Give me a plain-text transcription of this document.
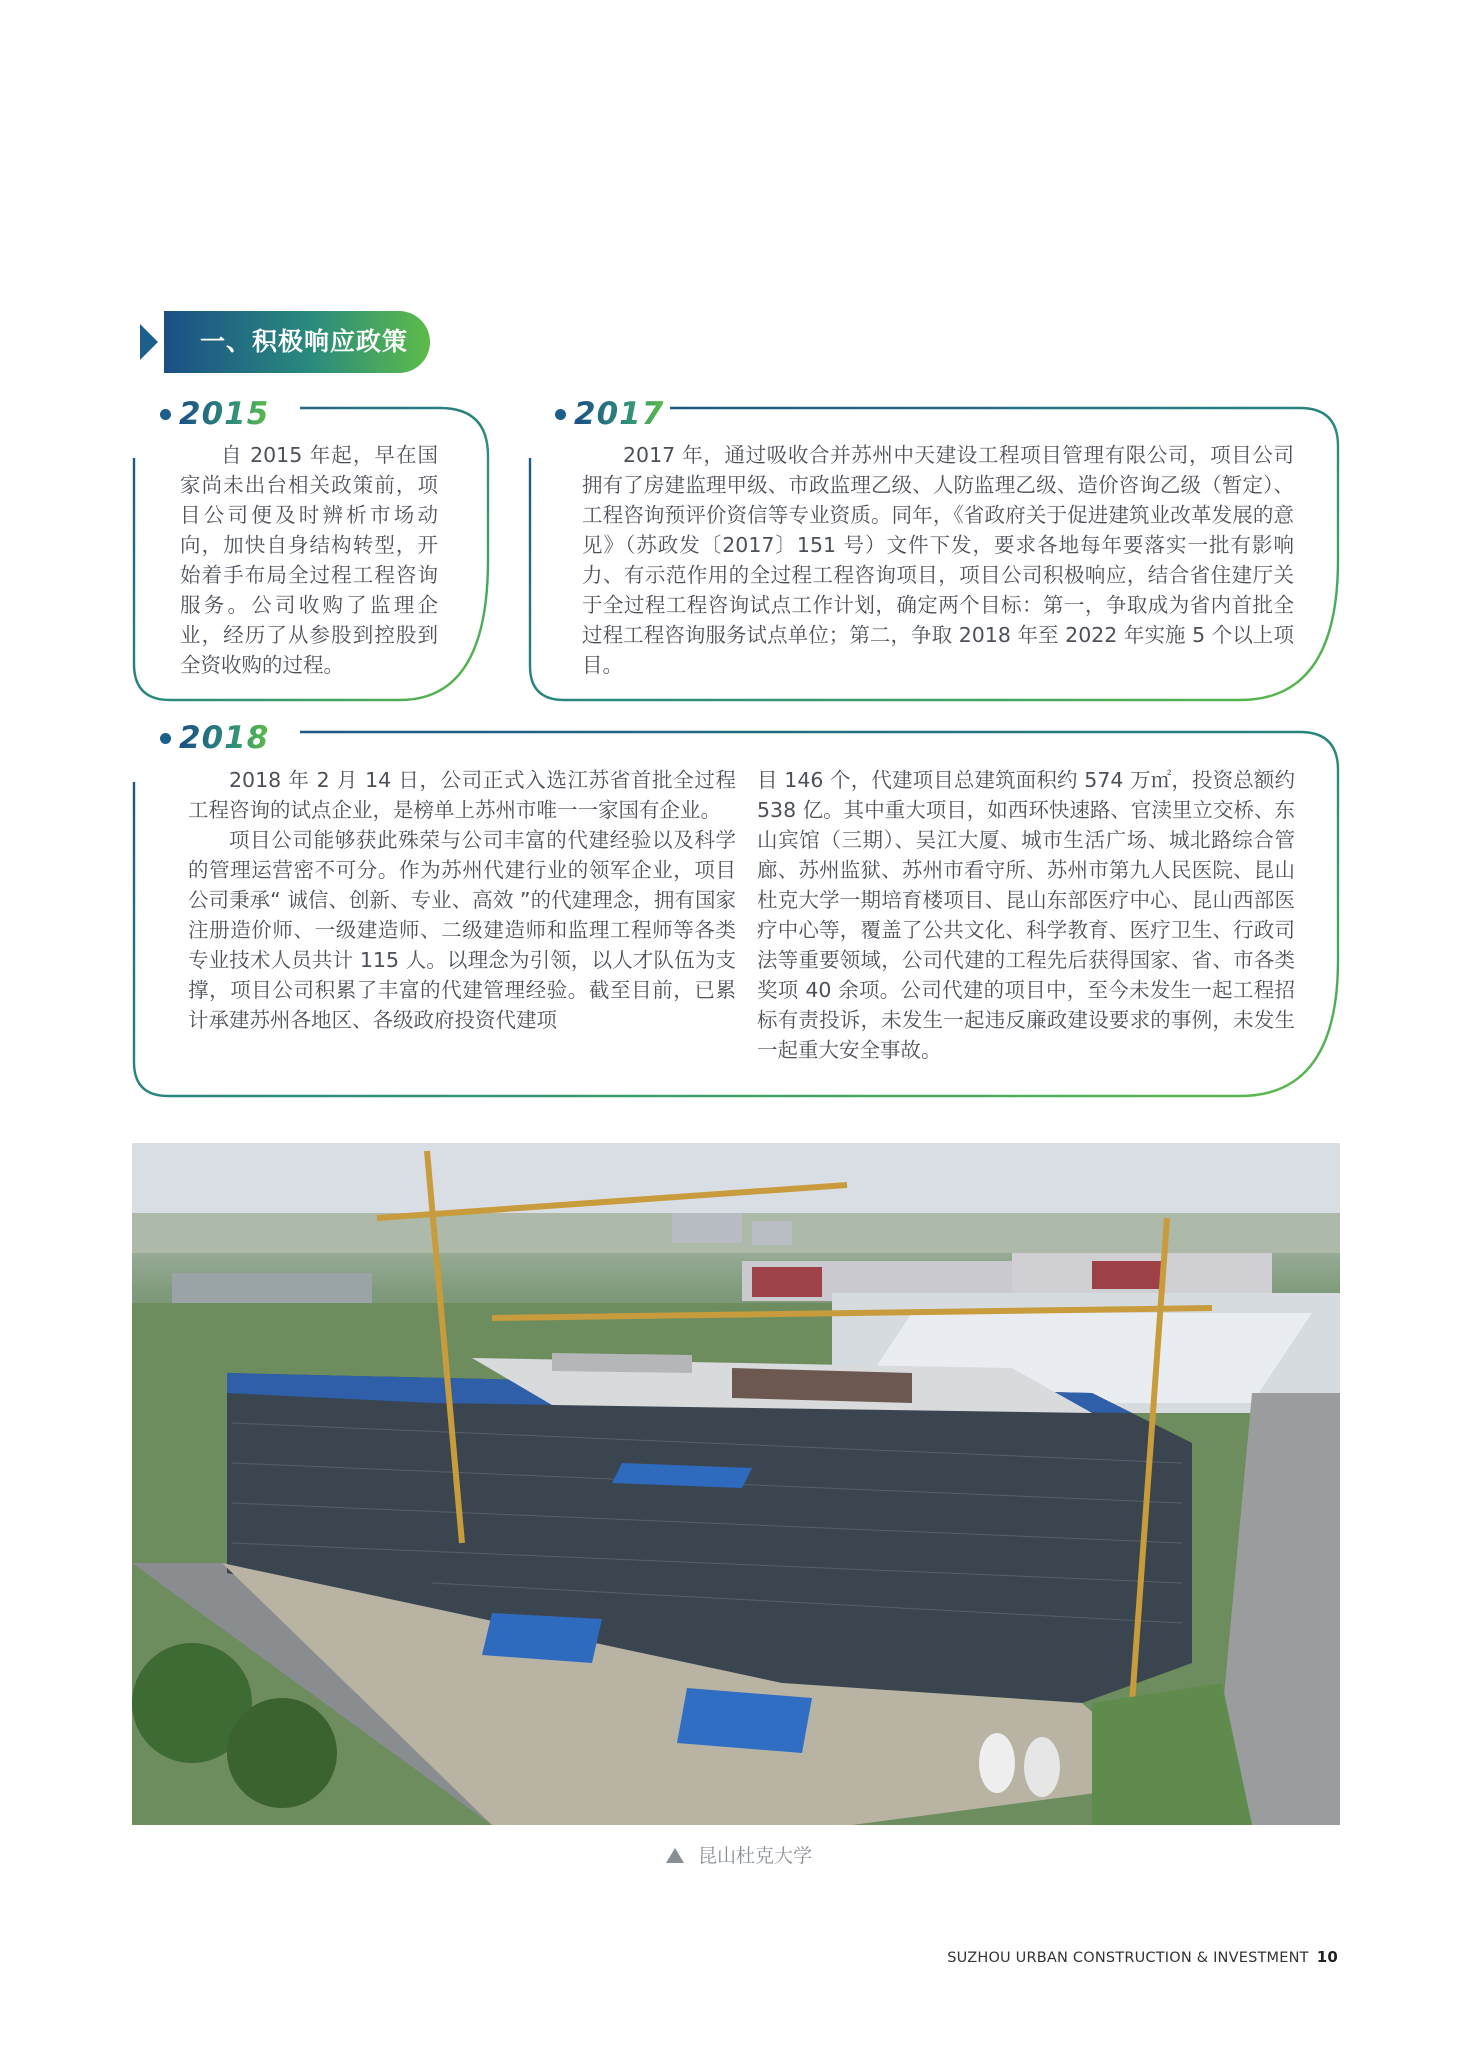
一、积极响应政策
2015	2017
2018

自 2015 年起，早在国家尚未出台相关政策前，项目公司便及时辨析市场动向，加快自身结构转型，开始着手布局全过程工程咨询服务。公司收购了监理企业，经历了从参股到控股到全资收购的过程。

2017 年，通过吸收合并苏州中天建设工程项目管理有限公司，项目公司拥有了房建监理甲级、市政监理乙级、人防监理乙级、造价咨询乙级（暂定）、工程咨询预评价资信等专业资质。同年，《省政府关于促进建筑业改革发展的意见》（苏政发〔2017〕151 号）文件下发，要求各地每年要落实一批有影响力、有示范作用的全过程工程咨询项目，项目公司积极响应，结合省住建厅关于全过程工程咨询试点工作计划，确定两个目标：第一，争取成为省内首批全过程工程咨询服务试点单位；第二，争取 2018 年至 2022 年实施 5 个以上项目。

2018 年 2 月 14 日，公司正式入选江苏省首批全过程工程咨询的试点企业，是榜单上苏州市唯一一家国有企业。

项目公司能够获此殊荣与公司丰富的代建经验以及科学的管理运营密不可分。作为苏州代建行业的领军企业，项目公司秉承“ 诚信、创新、专业、高效 ”的代建理念，拥有国家注册造价师、一级建造师、二级建造师和监理工程师等各类专业技术人员共计 115 人。以理念为引领，以人才队伍为支撑，项目公司积累了丰富的代建管理经验。截至目前，已累计承建苏州各地区、各级政府投资代建项

目 146 个，代建项目总建筑面积约 574 万㎡，投资总额约 538 亿。其中重大项目，如西环快速路、官渎里立交桥、东山宾馆（三期）、吴江大厦、城市生活广场、城北路综合管廊、苏州监狱、苏州市看守所、苏州市第九人民医院、昆山杜克大学一期培育楼项目、昆山东部医疗中心、昆山西部医疗中心等，覆盖了公共文化、科学教育、医疗卫生、行政司法等重要领域，公司代建的工程先后获得国家、省、市各类奖项 40 余项。公司代建的项目中，至今未发生一起工程招标有责投诉，未发生一起违反廉政建设要求的事例，未发生一起重大安全事故。

昆山杜克大学
SUZHOU URBAN CONSTRUCTION & INVESTMENT 10
